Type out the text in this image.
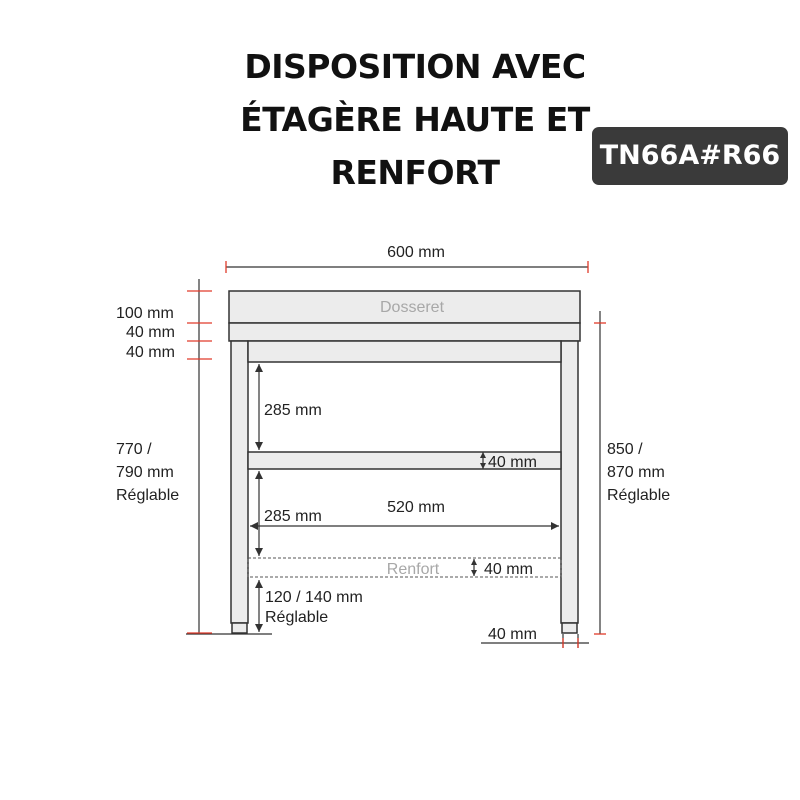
DISPOSITION AVEC
ÉTAGÈRE HAUTE ET
RENFORT	TN66A#R66
Dosseret
Renfort
600 mm
100 mm
40 mm
40 mm
285 mm
40 mm
285 mm
520 mm
40 mm
120 / 140 mm
Réglable
40 mm
770 /
790 mm
Réglable
850 /
870 mm
Réglable
